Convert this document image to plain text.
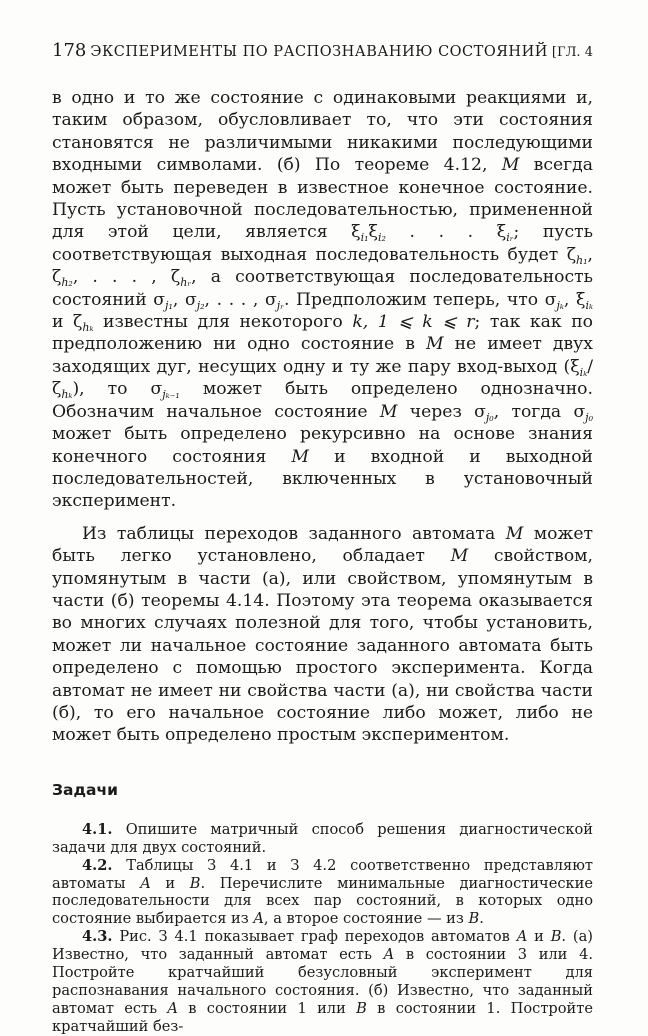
178 ЭКСПЕРИМЕНТЫ ПО РАСПОЗНАВАНИЮ СОСТОЯНИЙ [ГЛ. 4

в одно и то же состояние с одинаковыми реакциями и, таким образом, обусловливает то, что эти состояния становятся не различимыми никакими последующими входными символами. (б) По теореме 4.12, M всегда может быть переведен в известное конечное состояние. Пусть установочной последовательностью, примененной для этой цели, является $\xi_{i_1}\xi_{i_2}$ . . . $\xi_{iᵣ}$; пусть соответствующая выходная последовательность будет $\zeta_{h_1}$, $\zeta_{h_2}$, . . . , $\zeta_{hᵣ}$, а соответствующая последовательность состояний $\sigma_{j_1}$, $\sigma_{j_2}$, . . . , $\sigma_{jᵣ}$. Предположим теперь, что $\sigma_{j_k}$, $\xi_{i_k}$ и $\zeta_{h_k}$ известны для некоторого k, 1 ⩽ k ⩽ r; так как по предположению ни одно состояние в M не имеет двух заходящих дуг, несущих одну и ту же пару вход-выход $(\xi_{i_k}/\zeta_{h_k})$, то $\sigma_{j_{k-1}}$ может быть определено однозначно. Обозначим начальное состояние M через $\sigma_{j_0}$, тогда $\sigma_{j_0}$ может быть определено рекурсивно на основе знания конечного состояния M и входной и выходной последовательностей, включенных в установочный эксперимент.

Из таблицы переходов заданного автомата M может быть легко установлено, обладает M свойством, упомянутым в части (а), или свойством, упомянутым в части (б) теоремы 4.14. Поэтому эта теорема оказывается во многих случаях полезной для того, чтобы установить, может ли начальное состояние заданного автомата быть определено с помощью простого эксперимента. Когда автомат не имеет ни свойства части (а), ни свойства части (б), то его начальное состояние либо может, либо не может быть определено простым экспериментом.

Задачи

4.1. Опишите матричный способ решения диагностической задачи для двух состояний.

4.2. Таблицы З 4.1 и З 4.2 соответственно представляют автоматы A и B. Перечислите минимальные диагностические последовательности для всех пар состояний, в которых одно состояние выбирается из A, а второе состояние — из B.

4.3. Рис. З 4.1 показывает граф переходов автоматов A и B. (а) Известно, что заданный автомат есть A в состоянии 3 или 4. Постройте кратчайший безусловный эксперимент для распознавания начального состояния. (б) Известно, что заданный автомат есть A в состоянии 1 или B в состоянии 1. Постройте кратчайший без-
